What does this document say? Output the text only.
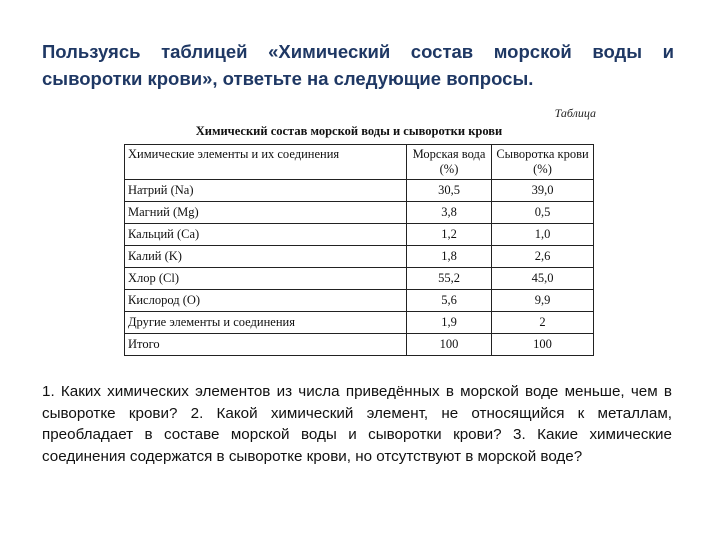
Пользуясь таблицей «Химический состав морской воды и сыворотки крови», ответьте на следующие вопросы.

Таблица
Химический состав морской воды и сыворотки крови
Химические элементы и их соединения	Морская вода (%)	Сыворотка крови (%)
Натрий (Na)	30,5	39,0
Магний (Mg)	3,8	0,5
Кальций (Ca)	1,2	1,0
Калий (K)	1,8	2,6
Хлор (Cl)	55,2	45,0
Кислород (O)	5,6	9,9
Другие элементы и соединения	1,9	2
Итого	100	100

1. Каких химических элементов из числа приведённых в морской воде меньше, чем в сыворотке крови? 2. Какой химический элемент, не относящийся к металлам, преобладает в составе морской воды и сыворотки крови? 3. Какие химические соединения содержатся в сыворотке крови, но отсутствуют в морской воде?
